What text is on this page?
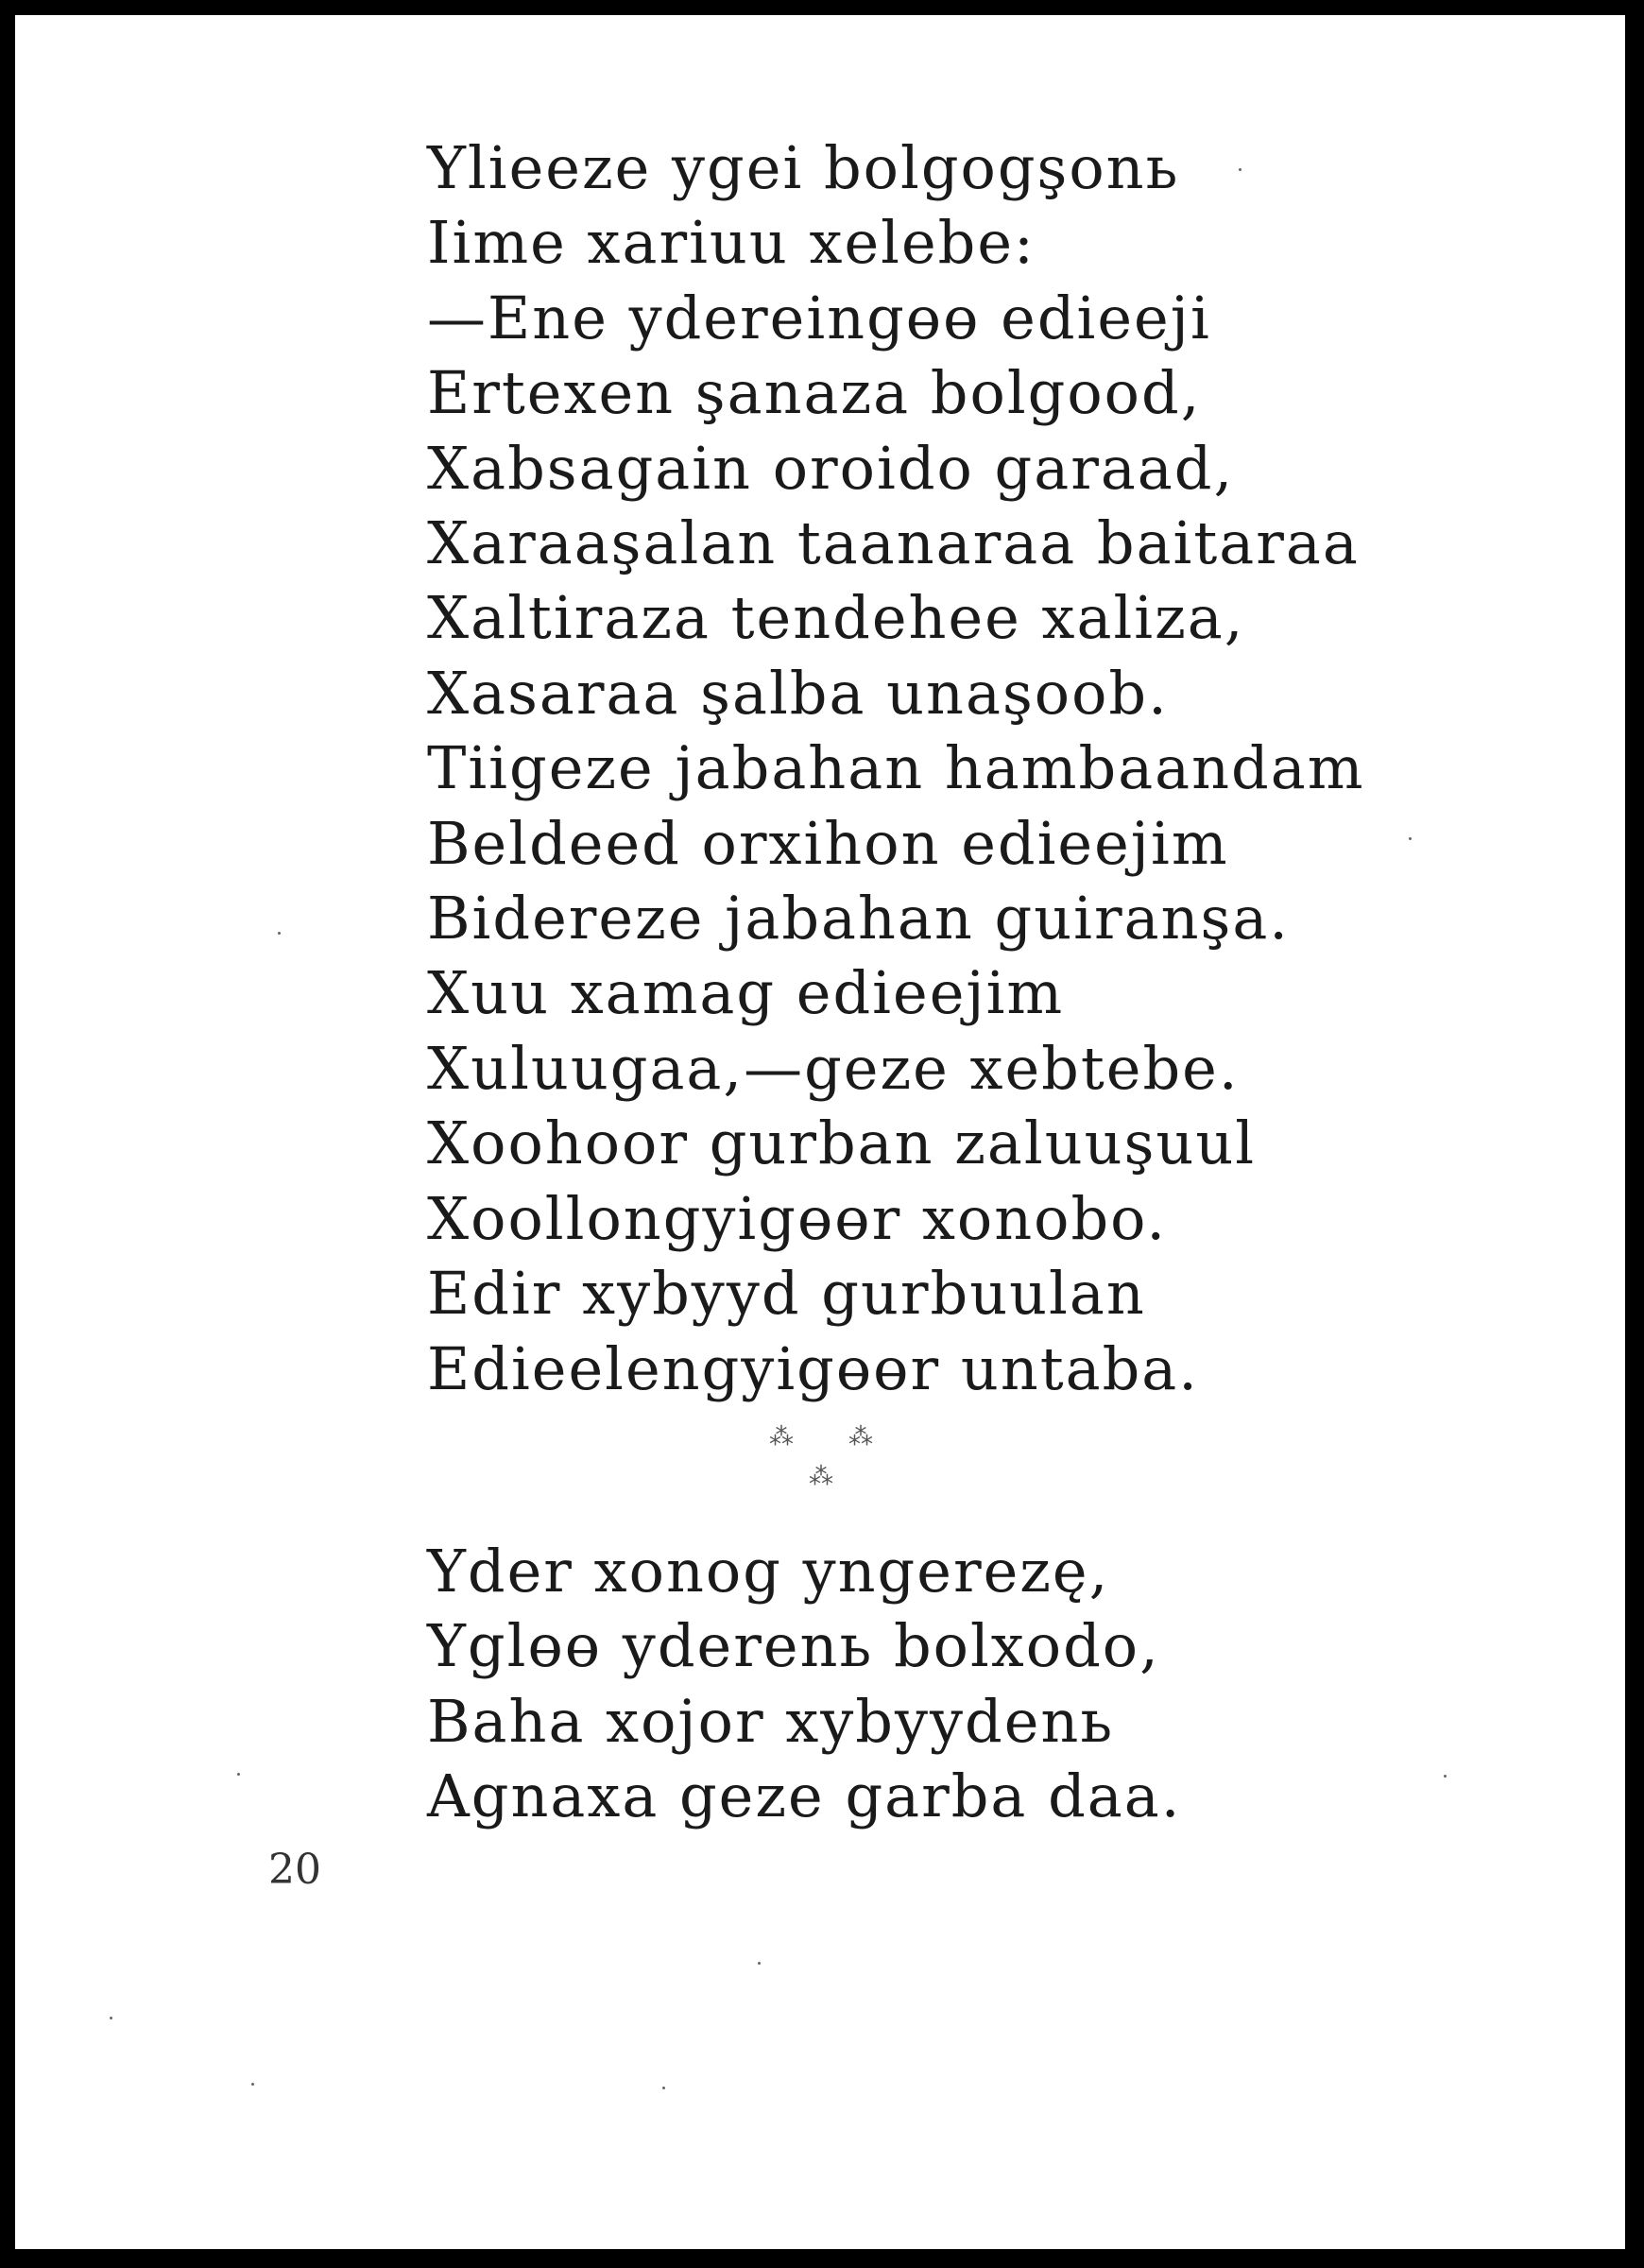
Ylieeze ygei bolgogşonь
Iime xariuu xelebe:
—Ene ydereingөө edieeji
Ertexen şanaza bolgood,
Xabsagain oroido garaad,
Xaraaşalan taanaraa baitaraa
Xaltiraza tendehee xaliza,
Xasaraa şalba unaşoob.
Tiigeze jabahan hambaandam
Beldeed orxihon edieejim
Bidereze jabahan guiranşa.
Xuu xamag edieejim
Xuluugaa,—geze xebtebe.
Xoohoor gurban zaluuşuul
Xoollongyigөөr xonobo.
Edir xybyyd gurbuulan
Edieelengyigөөr untaba.
⁂ ⁂
⁂
Yder xonog yngerezę,
Yglөө yderenь bolxodo,
Baha xojor xybyydenь
Agnaxa geze garba daa.
20
